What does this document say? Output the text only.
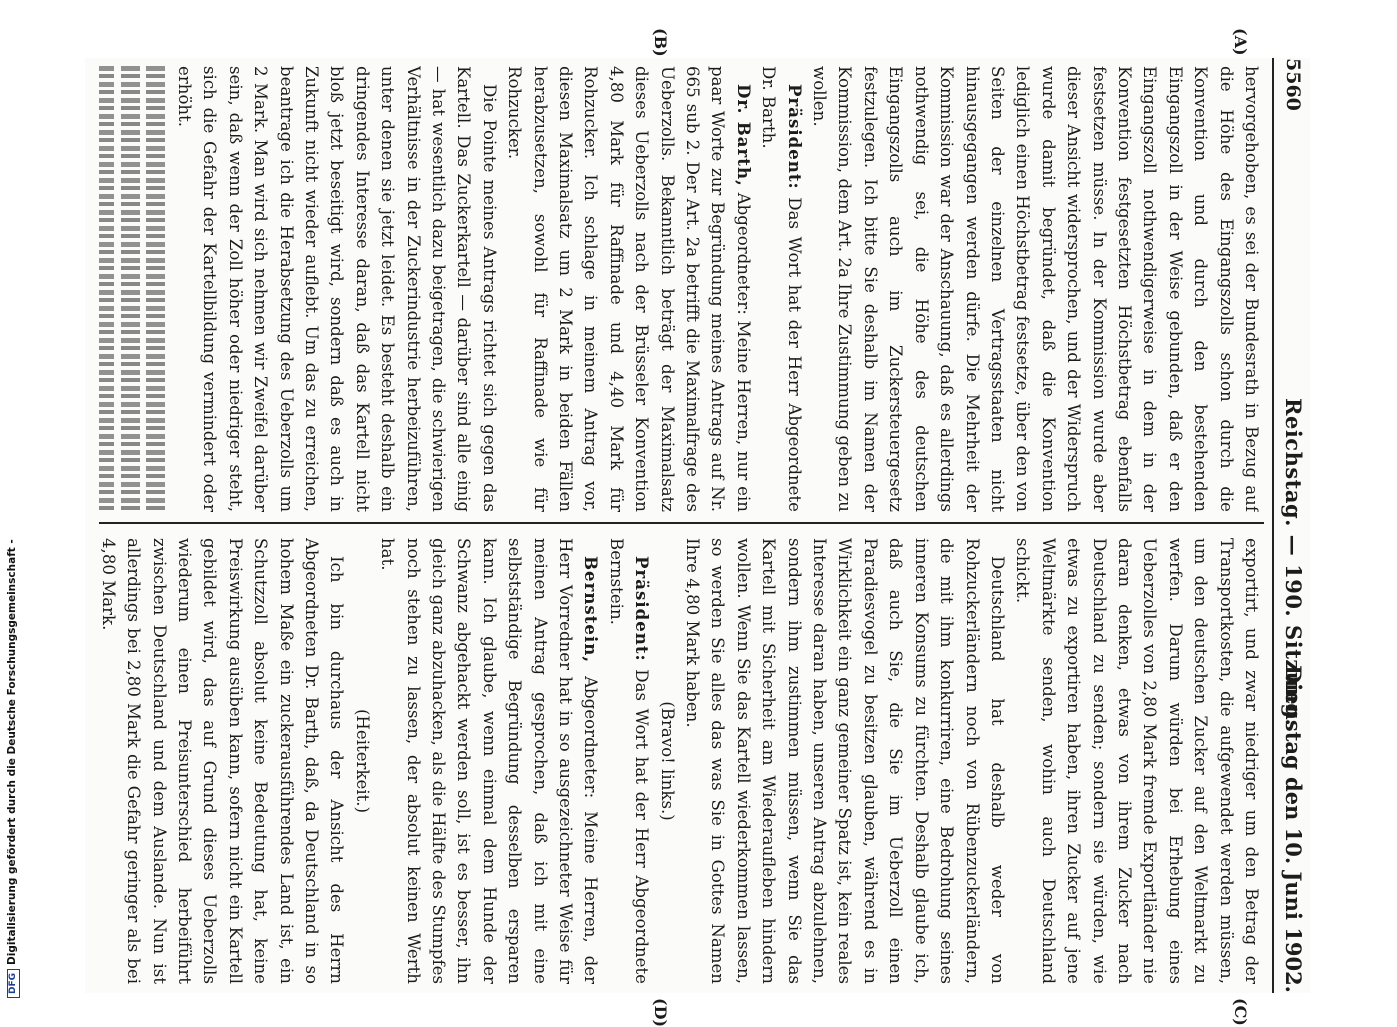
5560
Reichstag. — 190. Sitzung.
Dienstag den 10. Juni 1902.
(A)
(B)
(C)
(D)

hervorgehoben, es sei der Bundesrath in Bezug auf die Höhe des Eingangszolls schon durch die Konvention und durch den bestehenden Eingangszoll in der Weise gebunden, daß er den Eingangszoll nothwendigerweise in dem in der Konvention festgesetzten Höchstbetrag ebenfalls festsetzen müsse. In der Kommission wurde aber dieser Ansicht widersprochen, und der Widerspruch wurde damit begründet, daß die Konvention lediglich einen Höchstbetrag festsetze, über den von Seiten der einzelnen Vertragsstaaten nicht hinausgegangen werden dürfe. Die Mehrheit der Kommission war der Anschauung, daß es allerdings nothwendig sei, die Höhe des deutschen Eingangszolls auch im Zuckersteuergesetz festzulegen. Ich bitte Sie deshalb im Namen der Kommission, dem Art. 2a Ihre Zustimmung geben zu wollen.

Präsident: Das Wort hat der Herr Abgeordnete Dr. Barth.

Dr. Barth, Abgeordneter: Meine Herren, nur ein paar Worte zur Begründung meines Antrags auf Nr. 665 sub 2. Der Art. 2a betrifft die Maximalfrage des Ueberzolls. Bekanntlich beträgt der Maximalsatz dieses Ueberzolls nach der Brüsseler Konvention 4,80 Mark für Raffinade und 4,40 Mark für Rohzucker. Ich schlage in meinem Antrag vor, diesen Maximalsatz um 2 Mark in beiden Fällen herabzusetzen, sowohl für Raffinade wie für Rohzucker.

Die Pointe meines Antrags richtet sich gegen das Kartell. Das Zuckerkartell — darüber sind alle einig — hat wesentlich dazu beigetragen, die schwierigen Verhältnisse in der Zuckerindustrie herbeizuführen, unter denen sie jetzt leidet. Es besteht deshalb ein dringendes Interesse daran, daß das Kartell nicht bloß jetzt beseitigt wird, sondern daß es auch in Zukunft nicht wieder auflebt. Um das zu erreichen, beantrage ich die Herabsetzung des Ueberzolls um 2 Mark. Man wird sich nehmen wir Zweifel darüber sein, daß wenn der Zoll höher oder niedriger steht, sich die Gefahr der Kartellbildung vermindert oder erhöht.

exportirt, und zwar niedriger um den Betrag der Transportkosten, die aufgewendet werden müssen, um den deutschen Zucker auf den Weltmarkt zu werfen. Darum würden bei Erhebung eines Ueberzolles von 2,80 Mark fremde Exportländer nie daran denken, etwas von ihrem Zucker nach Deutschland zu senden; sondern sie würden, wie etwas zu exportiren haben, ihren Zucker auf jene Weltmärkte senden, wohin auch Deutschland schickt.

Deutschland hat deshalb weder von Rohzuckerländern noch von Rübenzuckerländern, die mit ihm konkurriren, eine Bedrohung seines inneren Konsums zu fürchten. Deshalb glaube ich, daß auch Sie, die Sie im Ueberzoll einen Paradiesvogel zu besitzen glauben, während es in Wirklichkeit ein ganz gemeiner Spatz ist, kein reales Interesse daran haben, unseren Antrag abzulehnen, sondern ihm zustimmen müssen, wenn Sie das Kartell mit Sicherheit am Wiederaufleben hindern wollen. Wenn Sie das Kartell wiederkommen lassen, so werden Sie alles das was Sie in Gottes Namen Ihre 4,80 Mark haben.

(Bravo! links.)

Präsident: Das Wort hat der Herr Abgeordnete Bernstein.

Bernstein, Abgeordneter: Meine Herren, der Herr Vorredner hat in so ausgezeichneter Weise für meinen Antrag gesprochen, daß ich mit eine selbstständige Begründung desselben ersparen kann. Ich glaube, wenn einmal dem Hunde der Schwanz abgehackt werden soll, ist es besser, ihn gleich ganz abzuhacken, als die Hälfte des Stumpfes noch stehen zu lassen, der absolut keinen Werth hat.

(Heiterkeit.)

Ich bin durchaus der Ansicht des Herrn Abgeordneten Dr. Barth, daß, da Deutschland in so hohem Maße ein zuckerausführendes Land ist, ein Schutzzoll absolut keine Bedeutung hat, keine Preiswirkung ausüben kann, sofern nicht ein Kartell gebildet wird, das auf Grund dieses Ueberzolls wiederum einen Preisunterschied herbeiführt zwischen Deutschland und dem Auslande. Nun ist allerdings bei 2,80 Mark die Gefahr geringer als bei 4,80 Mark.

DFGDigitalisierung gefördert durch die Deutsche Forschungsgemeinschaft -
